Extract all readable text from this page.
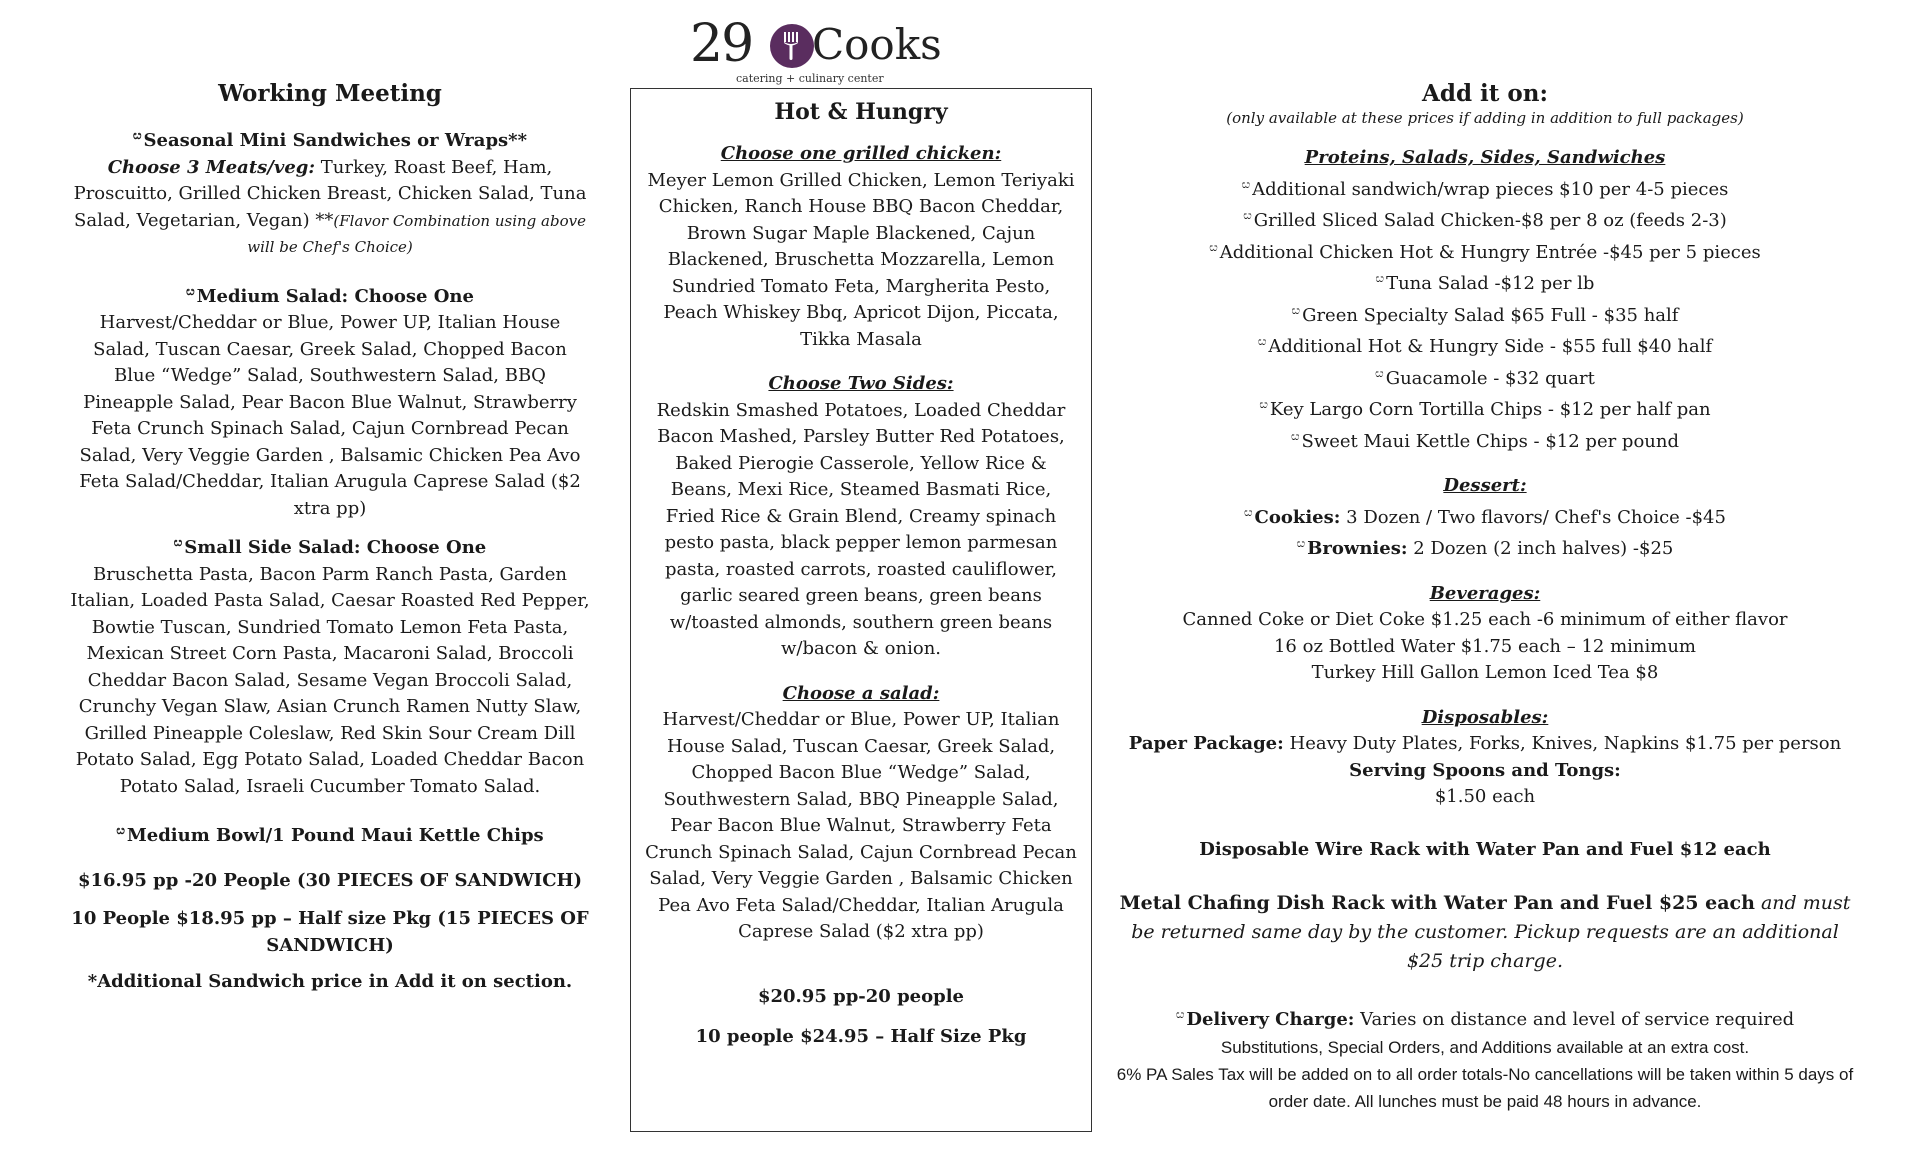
29 Cooks
catering + culinary center
Working Meeting
$^ೞ$ Seasonal Mini Sandwiches or Wraps**
Choose 3 Meats/veg: Turkey, Roast Beef, Ham, Proscuitto, Grilled Chicken Breast, Chicken Salad, Tuna Salad, Vegetarian, Vegan) **(Flavor Combination using above will be Chef's Choice)
$^ೞ$ Medium Salad: Choose One
Harvest/Cheddar or Blue, Power UP, Italian House Salad, Tuscan Caesar, Greek Salad, Chopped Bacon Blue “Wedge” Salad, Southwestern Salad, BBQ Pineapple Salad, Pear Bacon Blue Walnut, Strawberry Feta Crunch Spinach Salad, Cajun Cornbread Pecan Salad, Very Veggie Garden , Balsamic Chicken Pea Avo Feta Salad/Cheddar, Italian Arugula Caprese Salad ($2 xtra pp)
$^ೞ$ Small Side Salad: Choose One
Bruschetta Pasta, Bacon Parm Ranch Pasta, Garden Italian, Loaded Pasta Salad, Caesar Roasted Red Pepper, Bowtie Tuscan, Sundried Tomato Lemon Feta Pasta, Mexican Street Corn Pasta, Macaroni Salad, Broccoli Cheddar Bacon Salad, Sesame Vegan Broccoli Salad, Crunchy Vegan Slaw, Asian Crunch Ramen Nutty Slaw, Grilled Pineapple Coleslaw, Red Skin Sour Cream Dill Potato Salad, Egg Potato Salad, Loaded Cheddar Bacon Potato Salad, Israeli Cucumber Tomato Salad.
$^ೞ$ Medium Bowl/1 Pound Maui Kettle Chips
$16.95 pp -20 People (30 PIECES OF SANDWICH)
10 People $18.95 pp – Half size Pkg (15 PIECES OF SANDWICH)
*Additional Sandwich price in Add it on section.
Hot & Hungry
Choose one grilled chicken:
Meyer Lemon Grilled Chicken, Lemon Teriyaki Chicken, Ranch House BBQ Bacon Cheddar, Brown Sugar Maple Blackened, Cajun Blackened, Bruschetta Mozzarella, Lemon Sundried Tomato Feta, Margherita Pesto, Peach Whiskey Bbq, Apricot Dijon, Piccata, Tikka Masala
Choose Two Sides:
Redskin Smashed Potatoes, Loaded Cheddar Bacon Mashed, Parsley Butter Red Potatoes, Baked Pierogie Casserole, Yellow Rice & Beans, Mexi Rice, Steamed Basmati Rice, Fried Rice & Grain Blend, Creamy spinach pesto pasta, black pepper lemon parmesan pasta, roasted carrots, roasted cauliflower, garlic seared green beans, green beans w/toasted almonds, southern green beans w/bacon & onion.
Choose a salad:
Harvest/Cheddar or Blue, Power UP, Italian House Salad, Tuscan Caesar, Greek Salad, Chopped Bacon Blue “Wedge” Salad, Southwestern Salad, BBQ Pineapple Salad, Pear Bacon Blue Walnut, Strawberry Feta Crunch Spinach Salad, Cajun Cornbread Pecan Salad, Very Veggie Garden , Balsamic Chicken Pea Avo Feta Salad/Cheddar, Italian Arugula Caprese Salad ($2 xtra pp)
$20.95 pp-20 people
10 people $24.95 – Half Size Pkg
Add it on:
(only available at these prices if adding in addition to full packages)
Proteins, Salads, Sides, Sandwiches
$^ೞ$ Additional sandwich/wrap pieces $10 per 4-5 pieces
$^ೞ$ Grilled Sliced Salad Chicken-$8 per 8 oz (feeds 2-3)
$^ೞ$ Additional Chicken Hot & Hungry Entrée -$45 per 5 pieces
$^ೞ$ Tuna Salad -$12 per lb
$^ೞ$ Green Specialty Salad $65 Full - $35 half
$^ೞ$ Additional Hot & Hungry Side - $55 full $40 half
$^ೞ$ Guacamole - $32 quart
$^ೞ$ Key Largo Corn Tortilla Chips - $12 per half pan
$^ೞ$ Sweet Maui Kettle Chips - $12 per pound
Dessert:
$^ೞ$ Cookies: 3 Dozen / Two flavors/ Chef's Choice -$45
$^ೞ$ Brownies: 2 Dozen (2 inch halves) -$25
Beverages:
Canned Coke or Diet Coke $1.25 each -6 minimum of either flavor
16 oz Bottled Water $1.75 each – 12 minimum
Turkey Hill Gallon Lemon Iced Tea $8
Disposables:
Paper Package: Heavy Duty Plates, Forks, Knives, Napkins $1.75 per person
Serving Spoons and Tongs:
$1.50 each
Disposable Wire Rack with Water Pan and Fuel $12 each
Metal Chafing Dish Rack with Water Pan and Fuel $25 each and must be returned same day by the customer. Pickup requests are an additional $25 trip charge.
$^ೞ$ Delivery Charge: Varies on distance and level of service required
Substitutions, Special Orders, and Additions available at an extra cost.
6% PA Sales Tax will be added on to all order totals-No cancellations will be taken within 5 days of order date. All lunches must be paid 48 hours in advance.
